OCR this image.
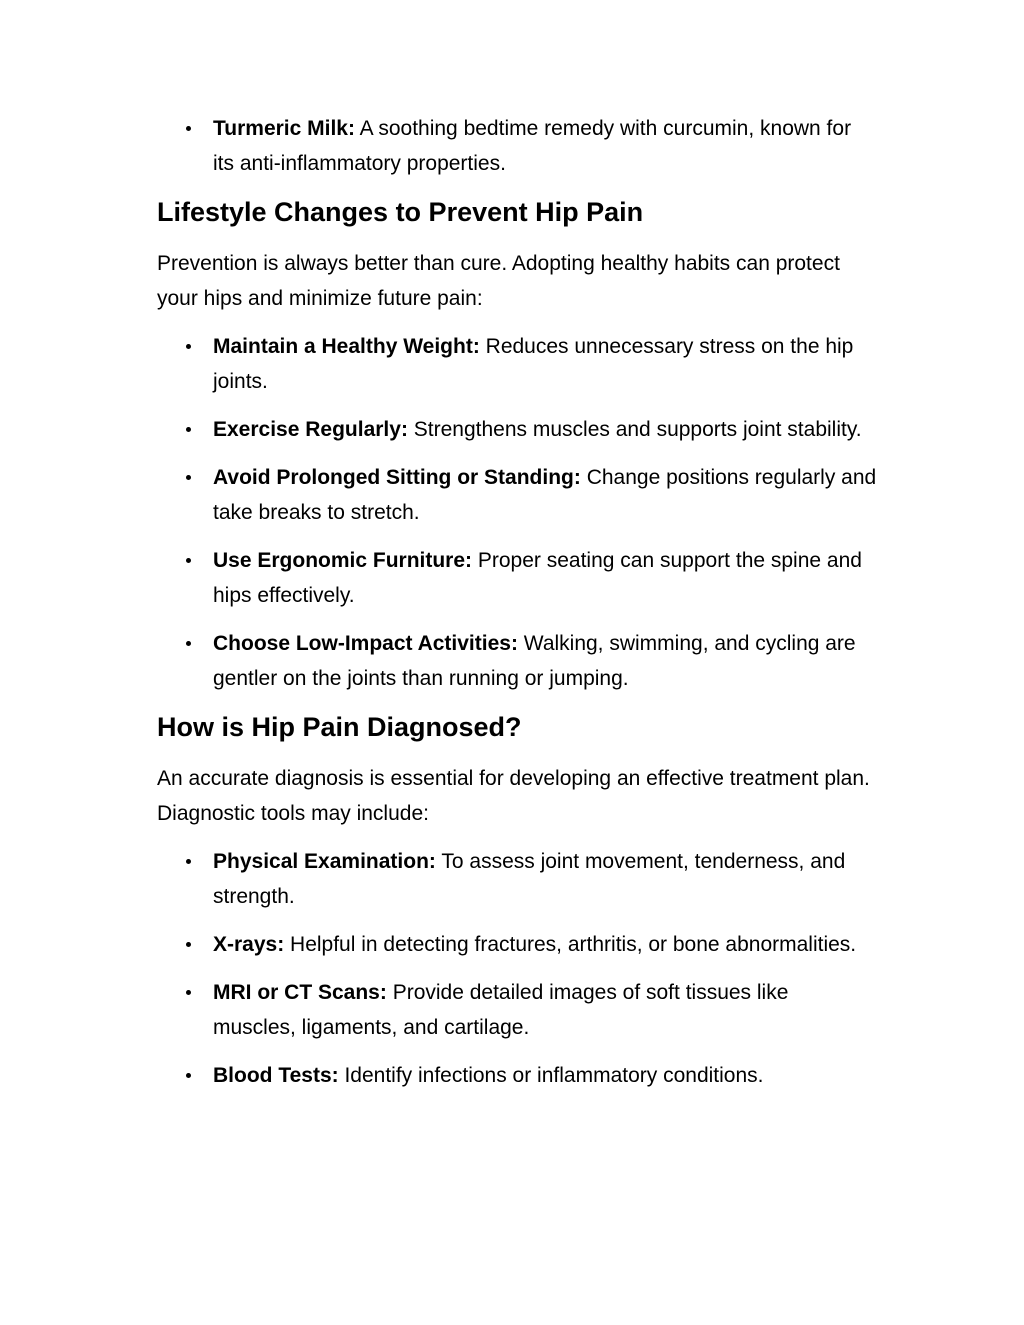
Turmeric Milk: A soothing bedtime remedy with curcumin, known for its anti-inflammatory properties.
Lifestyle Changes to Prevent Hip Pain

Prevention is always better than cure. Adopting healthy habits can protect your hips and minimize future pain:

Maintain a Healthy Weight: Reduces unnecessary stress on the hip joints.
Exercise Regularly: Strengthens muscles and supports joint stability.
Avoid Prolonged Sitting or Standing: Change positions regularly and take breaks to stretch.
Use Ergonomic Furniture: Proper seating can support the spine and hips effectively.
Choose Low-Impact Activities: Walking, swimming, and cycling are gentler on the joints than running or jumping.
How is Hip Pain Diagnosed?

An accurate diagnosis is essential for developing an effective treatment plan. Diagnostic tools may include:

Physical Examination: To assess joint movement, tenderness, and strength.
X-rays: Helpful in detecting fractures, arthritis, or bone abnormalities.
MRI or CT Scans: Provide detailed images of soft tissues like muscles, ligaments, and cartilage.
Blood Tests: Identify infections or inflammatory conditions.
